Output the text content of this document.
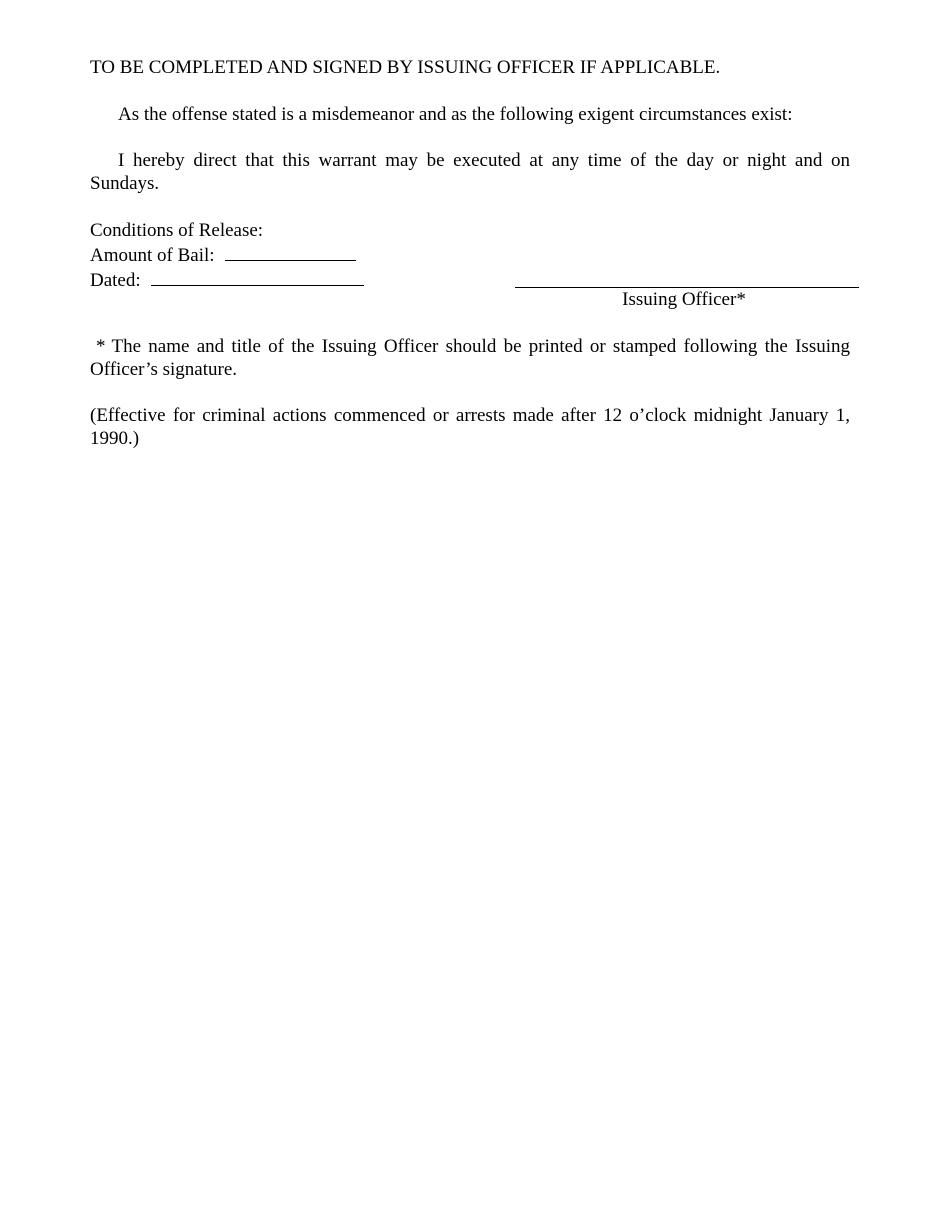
TO BE COMPLETED AND SIGNED BY ISSUING OFFICER IF APPLICABLE.
As the offense stated is a misdemeanor and as the following exigent circumstances exist:
I hereby direct that this warrant may be executed at any time of the day or night and on Sundays.
Conditions of Release:
Amount of Bail:
Dated:
Issuing Officer*
* The name and title of the Issuing Officer should be printed or stamped following the Issuing Officer’s signature.
(Effective for criminal actions commenced or arrests made after 12 o’clock midnight January 1, 1990.)
